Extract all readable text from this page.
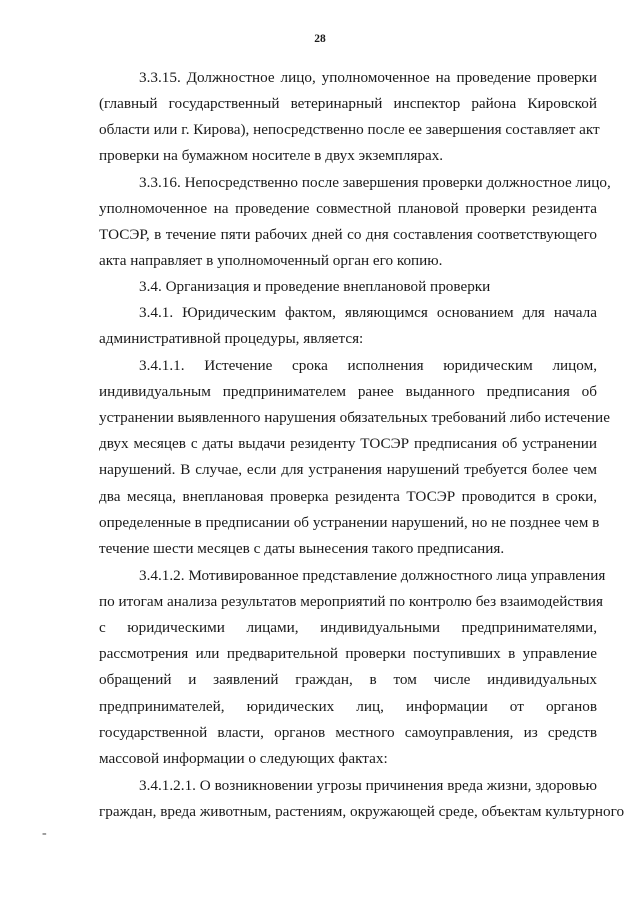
28
3.3.15. Должностное лицо, уполномоченное на проведение проверки
(главный государственный ветеринарный инспектор района Кировской
области или г. Кирова), непосредственно после ее завершения составляет акт
проверки на бумажном носителе в двух экземплярах.
3.3.16. Непосредственно после завершения проверки должностное лицо,
уполномоченное на проведение совместной плановой проверки резидента
ТОСЭР, в течение пяти рабочих дней со дня составления соответствующего
акта направляет в уполномоченный орган его копию.
3.4. Организация и проведение внеплановой проверки
3.4.1. Юридическим фактом, являющимся основанием для начала
административной процедуры, является:
3.4.1.1. Истечение срока исполнения юридическим лицом,
индивидуальным предпринимателем ранее выданного предписания об
устранении выявленного нарушения обязательных требований либо истечение
двух месяцев с даты выдачи резиденту ТОСЭР предписания об устранении
нарушений. В случае, если для устранения нарушений требуется более чем
два месяца, внеплановая проверка резидента ТОСЭР проводится в сроки,
определенные в предписании об устранении нарушений, но не позднее чем в
течение шести месяцев с даты вынесения такого предписания.
3.4.1.2. Мотивированное представление должностного лица управления
по итогам анализа результатов мероприятий по контролю без взаимодействия
с юридическими лицами, индивидуальными предпринимателями,
рассмотрения или предварительной проверки поступивших в управление
обращений и заявлений граждан, в том числе индивидуальных
предпринимателей, юридических лиц, информации от органов
государственной власти, органов местного самоуправления, из средств
массовой информации о следующих фактах:
3.4.1.2.1. О возникновении угрозы причинения вреда жизни, здоровью
граждан, вреда животным, растениям, окружающей среде, объектам культурного
-
